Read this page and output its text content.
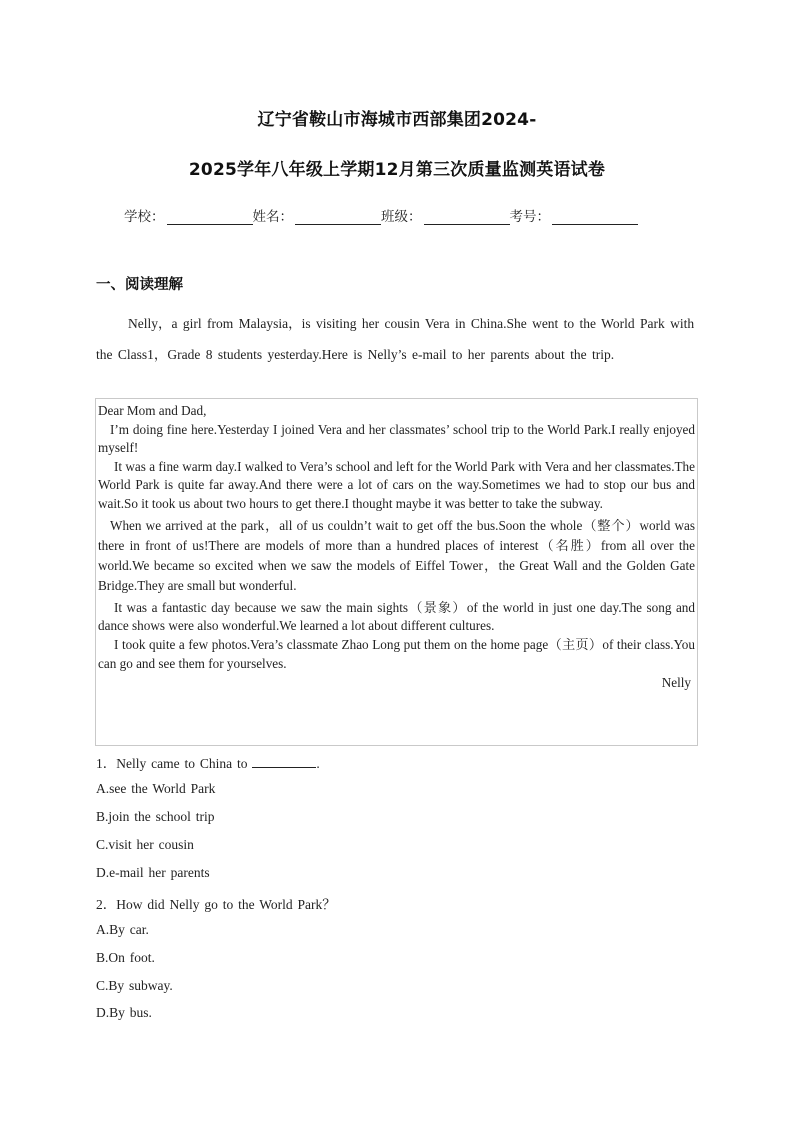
辽宁省鞍山市海城市西部集团2024-
2025学年八年级上学期12月第三次质量监测英语试卷
学校：	姓名：	班级：	考号：
一、阅读理解
Nelly，a girl from Malaysia，is visiting her cousin Vera in China.She went to the World Park with the Class1，Grade 8 students yesterday.Here is Nelly’s e-mail to her parents about the trip.

Dear Mom and Dad,

I’m doing fine here.Yesterday I joined Vera and her classmates’ school trip to the World Park.I really enjoyed myself!

It was a fine warm day.I walked to Vera’s school and left for the World Park with Vera and her classmates.The World Park is quite far away.And there were a lot of cars on the way.Sometimes we had to stop our bus and wait.So it took us about two hours to get there.I thought maybe it was better to take the subway.

When we arrived at the park，all of us couldn’t wait to get off the bus.Soon the whole（整个）world was there in front of us!There are models of more than a hundred places of interest（名胜）from all over the world.We became so excited when we saw the models of Eiffel Tower，the Great Wall and the Golden Gate Bridge.They are small but wonderful.

It was a fantastic day because we saw the main sights（景象）of the world in just one day.The song and dance shows were also wonderful.We learned a lot about different cultures.

I took quite a few photos.Vera’s classmate Zhao Long put them on the home page（主页）of their class.You can go and see them for yourselves.

Nelly

1．Nelly came to China to	.
A.see the World Park
B.join the school trip
C.visit her cousin
D.e-mail her parents
2．How did Nelly go to the World Park？
A.By car.
B.On foot.
C.By subway.
D.By bus.
